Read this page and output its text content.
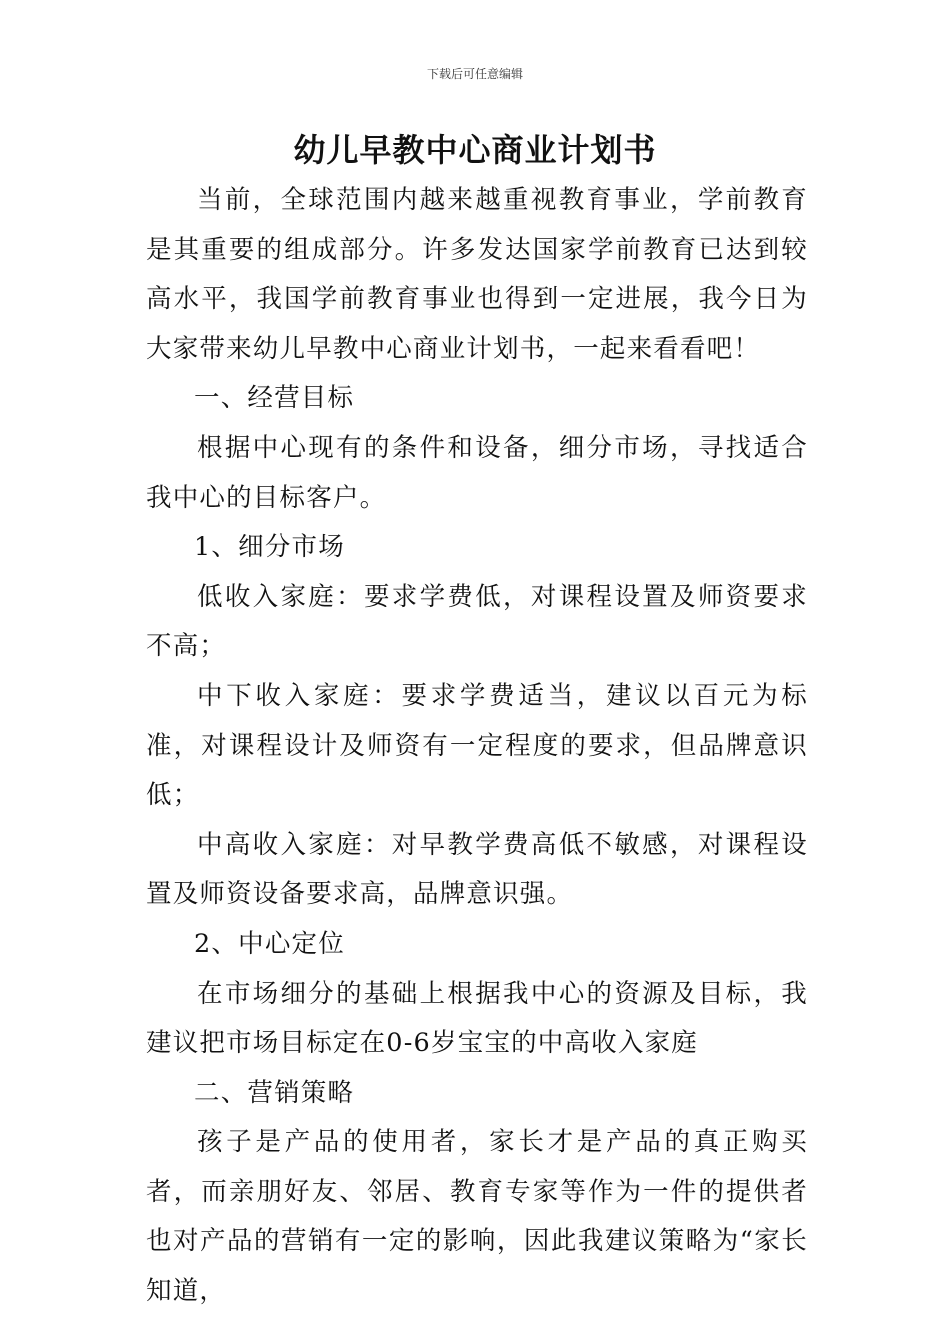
下载后可任意编辑
幼儿早教中心商业计划书

当前，全球范围内越来越重视教育事业，学前教育是其重要的组成部分。许多发达国家学前教育已达到较高水平，我国学前教育事业也得到一定进展，我今日为大家带来幼儿早教中心商业计划书，一起来看看吧！

一、经营目标

根据中心现有的条件和设备，细分市场，寻找适合我中心的目标客户。

1、细分市场

低收入家庭：要求学费低，对课程设置及师资要求不高；

中下收入家庭：要求学费适当，建议以百元为标准，对课程设计及师资有一定程度的要求，但品牌意识低；

中高收入家庭：对早教学费高低不敏感，对课程设置及师资设备要求高，品牌意识强。

2、中心定位

在市场细分的基础上根据我中心的资源及目标，我建议把市场目标定在0-6岁宝宝的中高收入家庭

二、营销策略

孩子是产品的使用者，家长才是产品的真正购买者，而亲朋好友、邻居、教育专家等作为一件的提供者也对产品的营销有一定的影响，因此我建议策略为“家长知道，
